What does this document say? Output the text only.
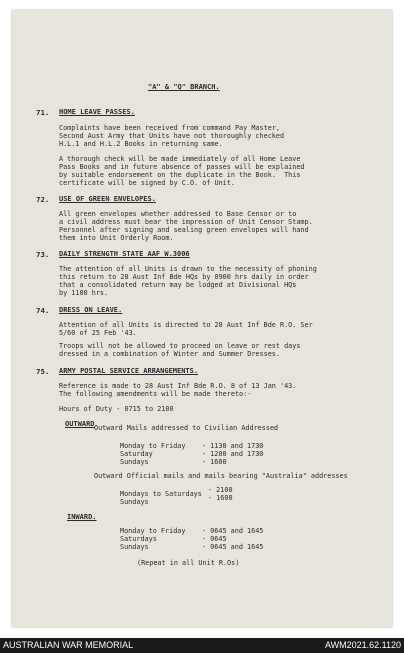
"A" & "Q" BRANCH.
71. HOME LEAVE PASSES.
Complaints have been received from command Pay Master,
Second Aust Army that Units have not thoroughly checked
H.L.1 and H.L.2 Books in returning same.
A thorough check will be made immediately of all Home Leave
Pass Books and in future absence of passes will be explained
by suitable endorsement on the duplicate in the Book.  This
certificate will be signed by C.O. of Unit.
72. USE OF GREEN ENVELOPES.
All green envelopes whether addressed to Base Censor or to
a civil address must bear the impression of Unit Censor Stamp.
Personnel after signing and sealing green envelopes will hand
them into Unit Orderly Room.
73. DAILY STRENGTH STATE AAF W.3006
The attention of all Units is drawn to the necessity of phoning
this return to 28 Aust Inf Bde HQs by 0900 hrs daily in order
that a consolidated return may be lodged at Divisional HQs
by 1100 hrs.
74. DRESS ON LEAVE.
Attention of all Units is directed to 28 Aust Inf Bde R.O. Ser
5/60 of 25 Feb '43.
Troops will not be allowed to proceed on leave or rest days
dressed in a combination of Winter and Summer Dresses.
75. ARMY POSTAL SERVICE ARRANGEMENTS.
Reference is made to 28 Aust Inf Bde R.O. 8 of 13 Jan '43.
The following amendments will be made thereto:-
Hours of Duty - 0715 to 2100
OUTWARD Outward Mails addressed to Civilian Addressed
Monday to Friday - 1130 and 1730
Saturday	- 1200 and 1730
Sundays	- 1600
Outward Official mails and mails bearing "Australia" addresses
Mondays to Saturdays - 2100
Sundays	- 1600
INWARD.
Monday to Friday - 0645 and 1645
Saturdays	- 0645
Sundays	- 0645 and 1645
(Repeat in all Unit R.Os)
AUSTRALIAN WAR MEMORIAL	AWM2021.62.1120
